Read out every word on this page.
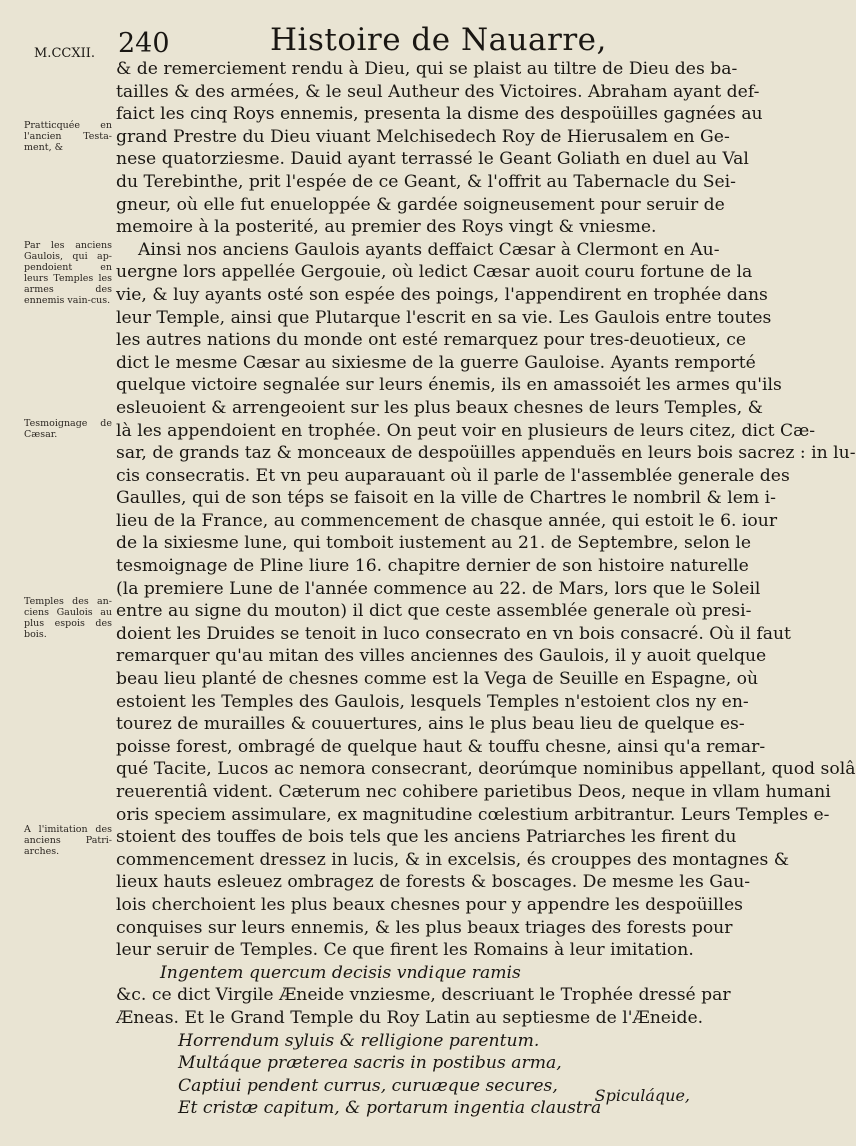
M.CCXII. 240	Histoire de Nauarre,
Pratticquée en l'ancien Testa-ment, &
Par les anciens Gaulois, qui ap-pendoient en leurs Temples les armes des ennemis vain-cus.
Tesmoignage de Cæsar.
Temples des an-ciens Gaulois au plus espois des bois.
A l'imitation des anciens Patri-arches.
& de remerciement rendu à Dieu, qui se plaist au tiltre de Dieu des ba-
tailles & des armées, & le seul Autheur des Victoires. Abraham ayant def-
faict les cinq Roys ennemis, presenta la disme des despoüilles gagnées au
grand Prestre du Dieu viuant Melchisedech Roy de Hierusalem en Ge-
nese quatorziesme. Dauid ayant terrassé le Geant Goliath en duel au Val
du Terebinthe, prit l'espée de ce Geant, & l'offrit au Tabernacle du Sei-
gneur, où elle fut enueloppée & gardée soigneusement pour seruir de
memoire à la posterité, au premier des Roys vingt & vniesme.
Ainsi nos anciens Gaulois ayants deffaict Cæsar à Clermont en Au-
uergne lors appellée Gergouie, où ledict Cæsar auoit couru fortune de la
vie, & luy ayants osté son espée des poings, l'appendirent en trophée dans
leur Temple, ainsi que Plutarque l'escrit en sa vie. Les Gaulois entre toutes
les autres nations du monde ont esté remarquez pour tres-deuotieux, ce
dict le mesme Cæsar au sixiesme de la guerre Gauloise. Ayants remporté
quelque victoire segnalée sur leurs énemis, ils en amassoiét les armes qu'ils
esleuoient & arrengeoient sur les plus beaux chesnes de leurs Temples, &
là les appendoient en trophée. On peut voir en plusieurs de leurs citez, dict Cæ-
sar, de grands taz & monceaux de despoüilles appenduës en leurs bois sacrez : in lu-
cis consecratis. Et vn peu auparauant où il parle de l'assemblée generale des
Gaulles, qui de son téps se faisoit en la ville de Chartres le nombril & lem i-
lieu de la France, au commencement de chasque année, qui estoit le 6. iour
de la sixiesme lune, qui tomboit iustement au 21. de Septembre, selon le
tesmoignage de Pline liure 16. chapitre dernier de son histoire naturelle
(la premiere Lune de l'année commence au 22. de Mars, lors que le Soleil
entre au signe du mouton) il dict que ceste assemblée generale où presi-
doient les Druides se tenoit in luco consecrato en vn bois consacré. Où il faut
remarquer qu'au mitan des villes anciennes des Gaulois, il y auoit quelque
beau lieu planté de chesnes comme est la Vega de Seuille en Espagne, où
estoient les Temples des Gaulois, lesquels Temples n'estoient clos ny en-
tourez de murailles & couuertures, ains le plus beau lieu de quelque es-
poisse forest, ombragé de quelque haut & touffu chesne, ainsi qu'a remar-
qué Tacite, Lucos ac nemora consecrant, deorúmque nominibus appellant, quod solâ
reuerentiâ vident. Cæterum nec cohibere parietibus Deos, neque in vllam humani
oris speciem assimulare, ex magnitudine cœlestium arbitrantur. Leurs Temples e-
stoient des touffes de bois tels que les anciens Patriarches les firent du
commencement dressez in lucis, & in excelsis, és crouppes des montagnes &
lieux hauts esleuez ombragez de forests & boscages. De mesme les Gau-
lois cherchoient les plus beaux chesnes pour y appendre les despoüilles
conquises sur leurs ennemis, & les plus beaux triages des forests pour
leur seruir de Temples. Ce que firent les Romains à leur imitation.
Ingentem quercum decisis vndique ramis
&c. ce dict Virgile Æneide vnziesme, descriuant le Trophée dressé par
Æneas. Et le Grand Temple du Roy Latin au septiesme de l'Æneide.
Horrendum syluis & relligione parentum.
Multáque præterea sacris in postibus arma,
Captiui pendent currus, curuæque secures,
Et cristæ capitum, & portarum ingentia claustra
Spiculáque,
